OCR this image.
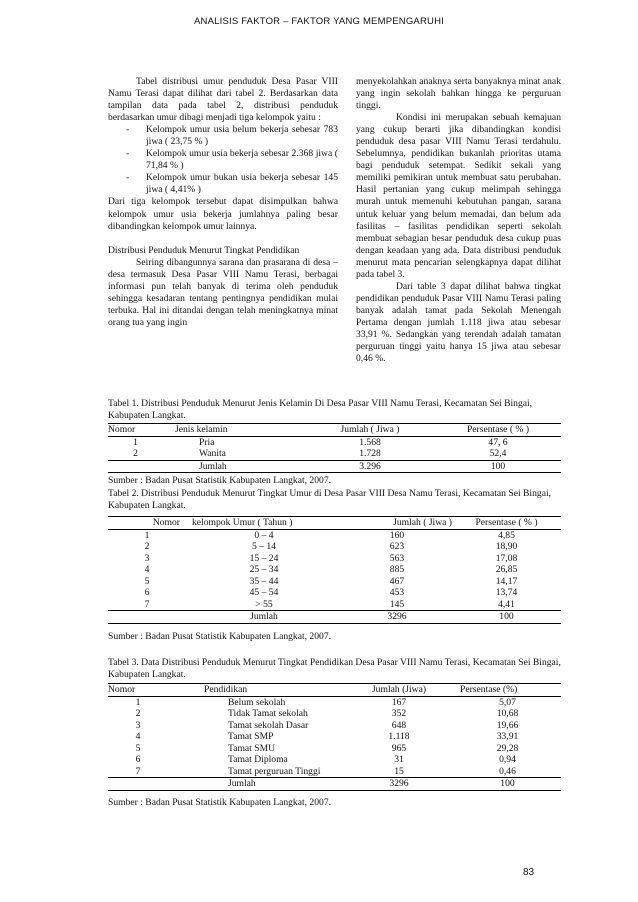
ANALISIS FAKTOR – FAKTOR YANG MEMPENGARUHI

Tabel distribusi umur penduduk Desa Pasar VIII Namu Terasi dapat dilihat dari tabel 2. Berdasarkan data tampilan data pada tabel 2, distribusi penduduk berdasarkan umur dibagi menjadi tiga kelompok yaitu :

- Kelompok umur usia belum bekerja sebesar 783 jiwa ( 23,75 % )
- Kelompok umur usia bekerja sebesar 2.368 jiwa ( 71,84 % )
- Kelompok umur bukan usia bekerja sebesar 145 jiwa ( 4,41% )

Dari tiga kelompok tersebut dapat disimpulkan bahwa kelompok umur usia bekerja jumlahnya paling besar dibandingkan kelompok umur lainnya.

Distribusi Penduduk Menurut Tingkat Pendidikan

Seiring dibangunnya sarana dan prasarana di desa – desa termasuk Desa Pasar VIII Namu Terasi, berbagai informasi pun telah banyak di terima oleh penduduk sehingga kesadaran tentang pentingnya pendidikan mulai terbuka. Hal ini ditandai dengan telah meningkatnya minat orang tua yang ingin

menyekolahkan anaknya serta banyaknya minat anak yang ingin sekolah bahkan hingga ke perguruan tinggi.

Kondisi ini merupakan sebuah kemajuan yang cukup berarti jika dibandingkan kondisi penduduk desa pasar VIII Namu Terasi terdahulu. Sebelumnya, pendidikan bukanlah prioritas utama bagi penduduk setempat. Sedikit sekali yang memiliki pemikiran untuk membuat satu perubahan. Hasil pertanian yang cukup melimpah sehingga murah untuk memenuhi kebutuhan pangan, sarana untuk keluar yang belum memadai, dan belum ada fasilitas – fasilitas pendidikan seperti sekolah membuat sebagian besar penduduk desa cukup puas dengan keadaan yang ada. Data distribusi penduduk menurut mata pencarian selengkapnya dapat dilihat pada tabel 3.

Dari table 3 dapat dilihat bahwa tingkat pendidikan penduduk Pasar VIII Namu Terasi paling banyak adalah tamat pada Sekolah Menengah Pertama dengan jumlah 1.118 jiwa atau sebesar 33,91 %. Sedangkan yang terendah adalah tamatan perguruan tinggi yaitu hanya 15 jiwa atau sebesar 0,46 %.

Tabel 1. Distribusi Penduduk Menurut Jenis Kelamin Di Desa Pasar VIII Namu Terasi, Kecamatan Sei Bingai, Kabupaten Langkat.
Nomor	Jenis kelamin	Jumlah ( Jiwa )	Persentase ( % )
1	Pria	1.568	47, 6
2	Wanita	1.728	52,4
	Jumlah	3.296	100
Sumber : Badan Pusat Statistik Kabupaten Langkat, 2007.
Tabel 2. Distribusi Penduduk Menurut Tingkat Umur di Desa Pasar VIII Desa Namu Terasi, Kecamatan Sei Bingai, Kabupaten Langkat.
Nomor	kelompok Umur ( Tahun )	Jumlah ( Jiwa )	Persentase ( % )
1	0 – 4	160	4,85
2	5 – 14	623	18,90
3	15 – 24	563	17,08
4	25 – 34	885	26,85
5	35 – 44	467	14,17
6	45 – 54	453	13,74
7	> 55	145	4,41
	Jumlah	3296	100
Sumber : Badan Pusat Statistik Kabupaten Langkat, 2007.
Tabel 3. Data Distribusi Penduduk Menurut Tingkat Pendidikan Desa Pasar VIII Namu Terasi, Kecamatan Sei Bingai, Kabupaten Langkat.
Nomor	Pendidikan	Jumlah (Jiwa)	Persentase (%)
1	Belum sekolah	167	5,07
2	Tidak Tamat sekolah	352	10,68
3	Tamat sekolah Dasar	648	19,66
4	Tamat SMP	1.118	33,91
5	Tamat SMU	965	29,28
6	Tamat Diploma	31	0,94
7	Tamat perguruan Tinggi	15	0,46
	Jumlah	3296	100
Sumber : Badan Pusat Statistik Kabupaten Langkat, 2007.
83
